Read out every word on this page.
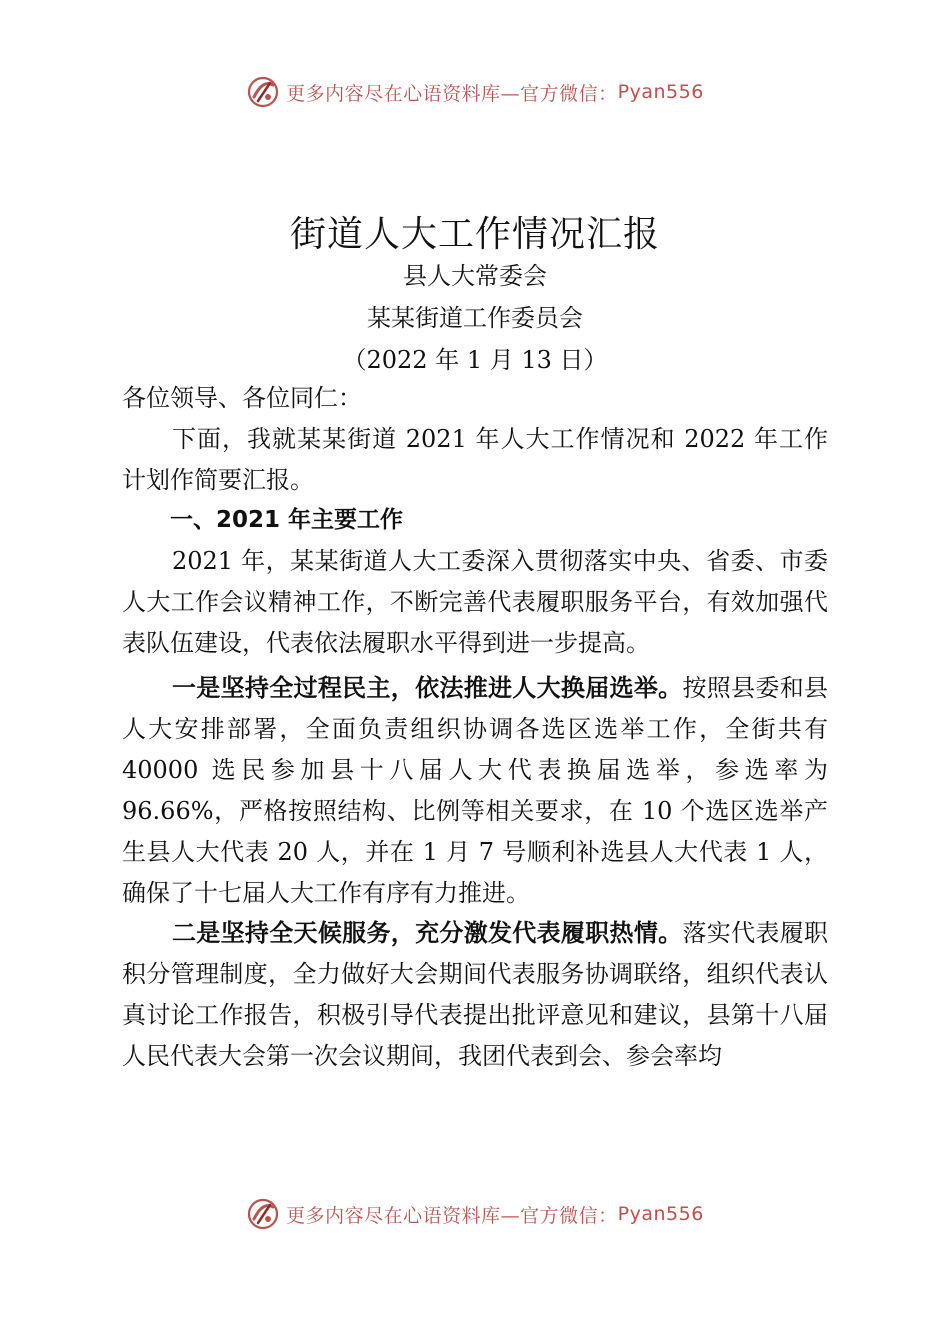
更多内容尽在心语资料库—官方微信： Pyan556
街道人大工作情况汇报
县人大常委会
某某街道工作委员会
（2022 年 1 月 13 日）
各位领导、各位同仁：
下面，我就某某街道 2021 年人大工作情况和 2022 年工作计划作简要汇报。
一、2021 年主要工作
2021 年，某某街道人大工委深入贯彻落实中央、省委、市委人大工作会议精神工作，不断完善代表履职服务平台，有效加强代表队伍建设，代表依法履职水平得到进一步提高。
一是坚持全过程民主，依法推进人大换届选举。按照县委和县人大安排部署，全面负责组织协调各选区选举工作，全街共有 40000 选民参加县十八届人大代表换届选举，参选率为 96.66%，严格按照结构、比例等相关要求，在 10 个选区选举产生县人大代表 20 人，并在 1 月 7 号顺利补选县人大代表 1 人，确保了十七届人大工作有序有力推进。
二是坚持全天候服务，充分激发代表履职热情。落实代表履职积分管理制度，全力做好大会期间代表服务协调联络，组织代表认真讨论工作报告，积极引导代表提出批评意见和建议，县第十八届人民代表大会第一次会议期间，我团代表到会、参会率均
更多内容尽在心语资料库—官方微信： Pyan556
